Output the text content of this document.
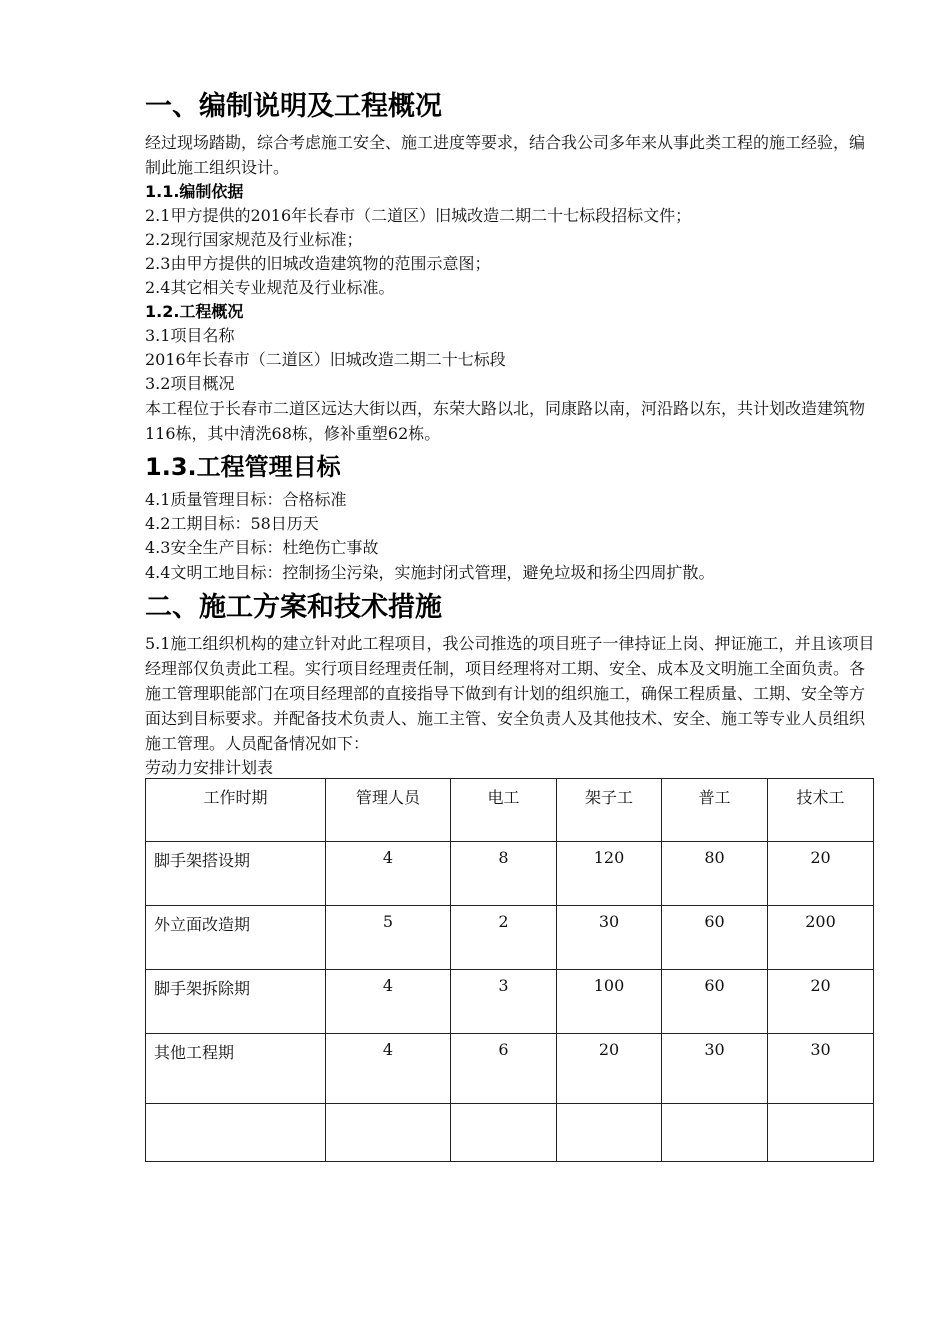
一、编制说明及工程概况

经过现场踏勘，综合考虑施工安全、施工进度等要求，结合我公司多年来从事此类工程的施工经验，编制此施工组织设计。

1.1.编制依据
2.1甲方提供的2016年长春市（二道区）旧城改造二期二十七标段招标文件；
2.2现行国家规范及行业标准；
2.3由甲方提供的旧城改造建筑物的范围示意图；
2.4其它相关专业规范及行业标准。
1.2.工程概况
3.1项目名称
2016年长春市（二道区）旧城改造二期二十七标段
3.2项目概况

本工程位于长春市二道区远达大街以西，东荣大路以北，同康路以南，河沿路以东，共计划改造建筑物116栋，其中清洗68栋，修补重塑62栋。

1.3.工程管理目标
4.1质量管理目标：合格标准
4.2工期目标：58日历天
4.3安全生产目标：杜绝伤亡事故

4.4文明工地目标：控制扬尘污染，实施封闭式管理，避免垃圾和扬尘四周扩散。

二、施工方案和技术措施

5.1施工组织机构的建立针对此工程项目，我公司推选的项目班子一律持证上岗、押证施工，并且该项目经理部仅负责此工程。实行项目经理责任制，项目经理将对工期、安全、成本及文明施工全面负责。各施工管理职能部门在项目经理部的直接指导下做到有计划的组织施工，确保工程质量、工期、安全等方面达到目标要求。并配备技术负责人、施工主管、安全负责人及其他技术、安全、施工等专业人员组织施工管理。人员配备情况如下：

劳动力安排计划表
工作时期	管理人员	电工	架子工	普工	技术工
脚手架搭设期	4	8	120	80	20
外立面改造期	5	2	30	60	200
脚手架拆除期	4	3	100	60	20
其他工程期	4	6	20	30	30
